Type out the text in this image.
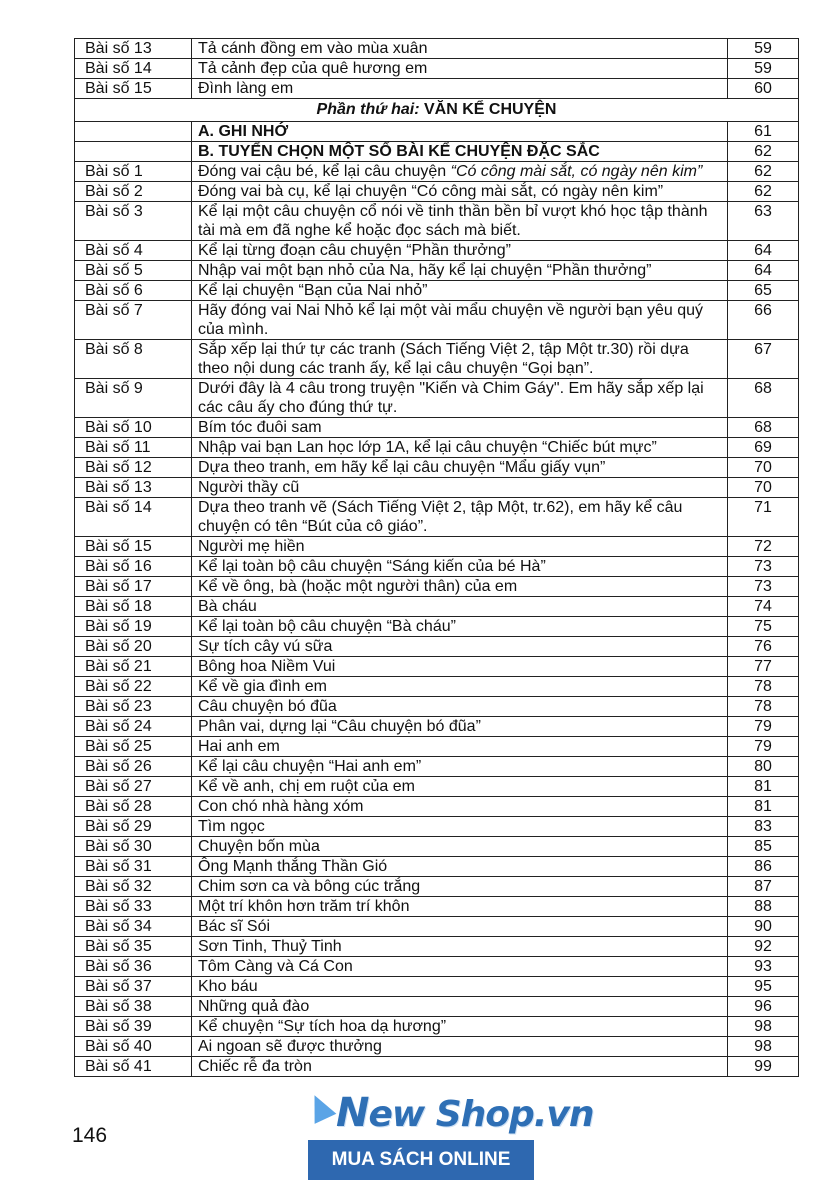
Bài số 13	Tả cánh đồng em vào mùa xuân	59
Bài số 14	Tả cảnh đẹp của quê hương em	59
Bài số 15	Đình làng em	60
Phần thứ hai: VĂN KỂ CHUYỆN		
	A. GHI NHỚ	61
	B. TUYỂN CHỌN MỘT SỐ BÀI KỂ CHUYỆN ĐẶC SẮC	62
Bài số 1	Đóng vai cậu bé, kể lại câu chuyện “Có công mài sắt, có ngày nên kim”	62
Bài số 2	Đóng vai bà cụ, kể lại chuyện “Có công mài sắt, có ngày nên kim”	62
Bài số 3	Kể lại một câu chuyện cổ nói về tinh thần bền bỉ vượt khó học tập thành tài mà em đã nghe kể hoặc đọc sách mà biết.	63
Bài số 4	Kể lại từng đoạn câu chuyện “Phần thưởng”	64
Bài số 5	Nhập vai một bạn nhỏ của Na, hãy kể lại chuyện “Phần thưởng”	64
Bài số 6	Kể lại chuyện “Bạn của Nai nhỏ”	65
Bài số 7	Hãy đóng vai Nai Nhỏ kể lại một vài mẩu chuyện về người bạn yêu quý của mình.	66
Bài số 8	Sắp xếp lại thứ tự các tranh (Sách Tiếng Việt 2, tập Một tr.30) rồi dựa theo nội dung các tranh ấy, kể lại câu chuyện “Gọi bạn”.	67
Bài số 9	Dưới đây là 4 câu trong truyện "Kiến và Chim Gáy". Em hãy sắp xếp lại các câu ấy cho đúng thứ tự.	68
Bài số 10	Bím tóc đuôi sam	68
Bài số 11	Nhập vai bạn Lan học lớp 1A, kể lại câu chuyện “Chiếc bút mực”	69
Bài số 12	Dựa theo tranh, em hãy kể lại câu chuyện “Mẩu giấy vụn”	70
Bài số 13	Người thầy cũ	70
Bài số 14	Dựa theo tranh vẽ (Sách Tiếng Việt 2, tập Một, tr.62), em hãy kể câu chuyện có tên “Bút của cô giáo”.	71
Bài số 15	Người mẹ hiền	72
Bài số 16	Kể lại toàn bộ câu chuyện “Sáng kiến của bé Hà”	73
Bài số 17	Kể về ông, bà (hoặc một người thân) của em	73
Bài số 18	Bà cháu	74
Bài số 19	Kể lại toàn bộ câu chuyện “Bà cháu”	75
Bài số 20	Sự tích cây vú sữa	76
Bài số 21	Bông hoa Niềm Vui	77
Bài số 22	Kể về gia đình em	78
Bài số 23	Câu chuyện bó đũa	78
Bài số 24	Phân vai, dựng lại “Câu chuyện bó đũa”	79
Bài số 25	Hai anh em	79
Bài số 26	Kể lại câu chuyện “Hai anh em”	80
Bài số 27	Kể về anh, chị em ruột của em	81
Bài số 28	Con chó nhà hàng xóm	81
Bài số 29	Tìm ngọc	83
Bài số 30	Chuyện bốn mùa	85
Bài số 31	Ông Mạnh thắng Thần Gió	86
Bài số 32	Chim sơn ca và bông cúc trắng	87
Bài số 33	Một trí khôn hơn trăm trí khôn	88
Bài số 34	Bác sĩ Sói	90
Bài số 35	Sơn Tinh, Thuỷ Tinh	92
Bài số 36	Tôm Càng và Cá Con	93
Bài số 37	Kho báu	95
Bài số 38	Những quả đào	96
Bài số 39	Kể chuyện “Sự tích hoa dạ hương”	98
Bài số 40	Ai ngoan sẽ được thưởng	98
Bài số 41	Chiếc rễ đa tròn	99
146	New Shop.vn
MUA SÁCH ONLINE
